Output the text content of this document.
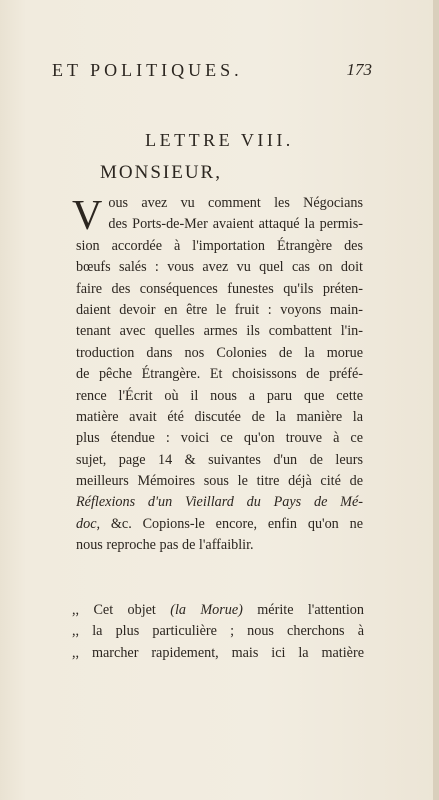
ET POLITIQUES.	173
LETTRE VIII.
MONSIEUR,
V ous avez vu comment les Négocians
des Ports-de-Mer avaient attaqué la permis-
sion accordée à l'importation Étrangère des
bœufs salés : vous avez vu quel cas on doit
faire des conséquences funestes qu'ils préten-
daient devoir en être le fruit : voyons main-
tenant avec quelles armes ils combattent l'in-
troduction dans nos Colonies de la morue
de pêche Étrangère. Et choisissons de préfé-
rence l'Écrit où il nous a paru que cette
matière avait été discutée de la manière la
plus étendue : voici ce qu'on trouve à ce
sujet, page 14 & suivantes d'un de leurs
meilleurs Mémoires sous le titre déjà cité de
Réflexions d'un Vieillard du Pays de Mé-
doc, &c. Copions-le encore, enfin qu'on ne
nous reproche pas de l'affaiblir.
,, Cet objet (la Morue) mérite l'attention
,, la plus particulière ; nous cherchons à
,, marcher rapidement, mais ici la matière
